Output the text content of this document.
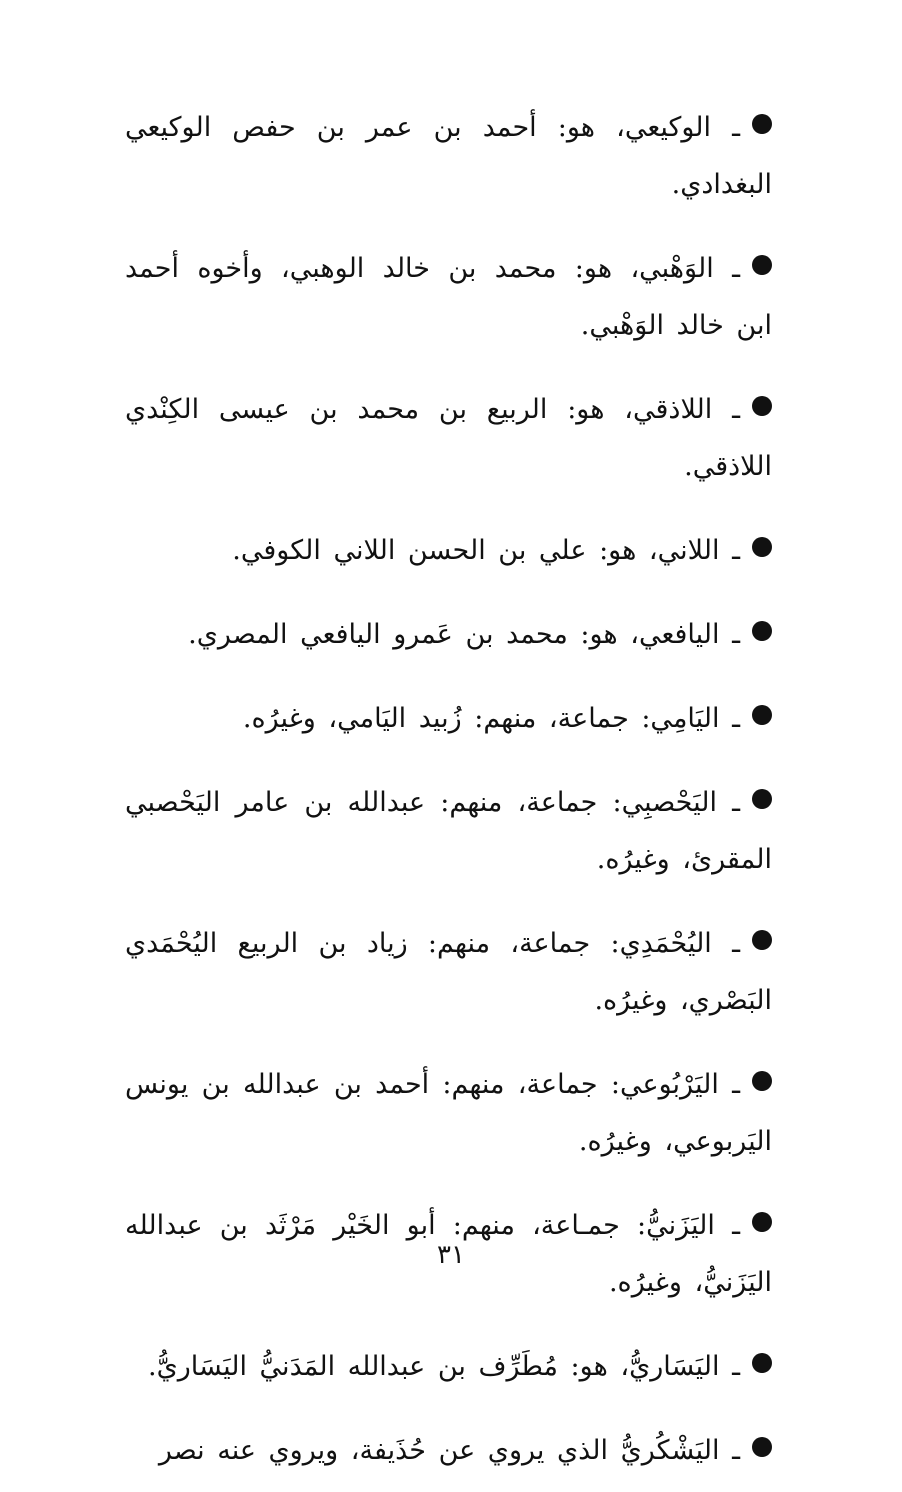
ـ الوكيعي، هو: أحمد بن عمر بن حفص الوكيعي البغدادي.

ـ الوَهْبي، هو: محمد بن خالد الوهبي، وأخوه أحمد ابن خالد الوَهْبي.

ـ اللاذقي، هو: الربيع بن محمد بن عيسى الكِنْدي اللاذقي.

ـ اللاني، هو: علي بن الحسن اللاني الكوفي.

ـ اليافعي، هو: محمد بن عَمرو اليافعي المصري.

ـ اليَامِي: جماعة، منهم: زُبيد اليَامي، وغيرُه.

ـ اليَحْصبِي: جماعة، منهم: عبدالله بن عامر اليَحْصبي المقرئ، وغيرُه.

ـ اليُحْمَدِي: جماعة، منهم: زياد بن الربيع اليُحْمَدي البَصْري، وغيرُه.

ـ اليَرْبُوعي: جماعة، منهم: أحمد بن عبدالله بن يونس اليَربوعي، وغيرُه.

ـ اليَزَنيُّ: جمـاعة، منهم: أبو الخَيْر مَرْثَد بن عبدالله اليَزَنيُّ، وغيرُه.

ـ اليَسَاريُّ، هو: مُطَرِّف بن عبدالله المَدَنيُّ اليَسَاريُّ.

ـ اليَشْكُريُّ الذي يروي عن حُذَيفة، ويروي عنه نصر

٣١
